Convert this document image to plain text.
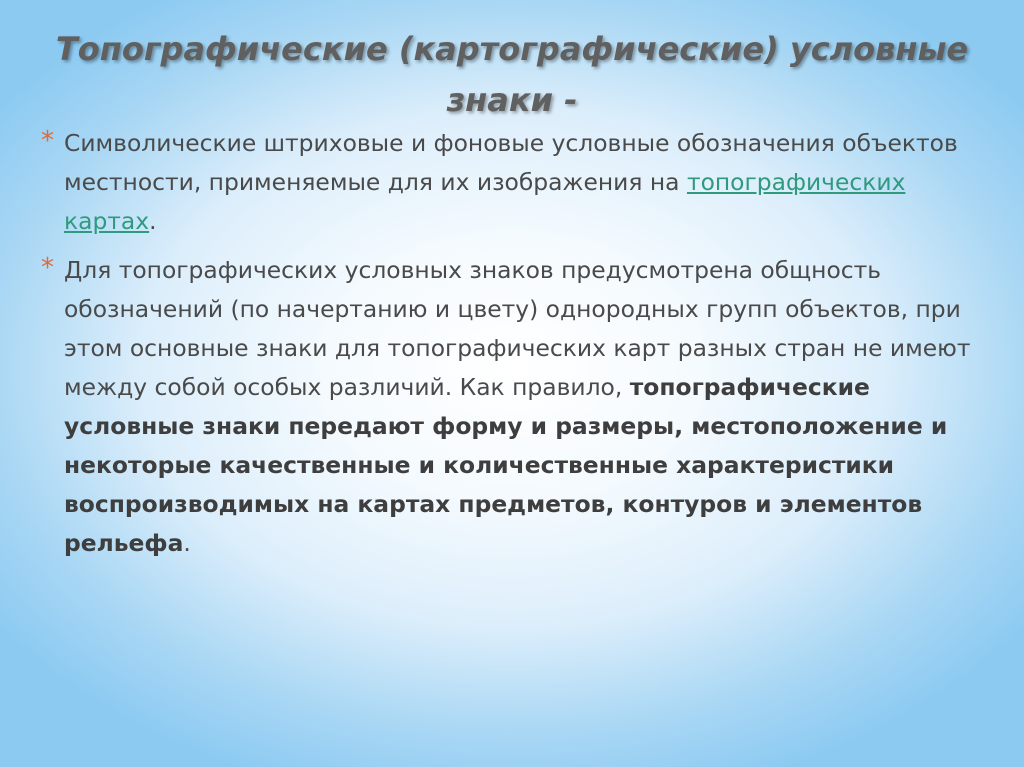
Топографические (картографические) условные знаки -

* Символические штриховые и фоновые условные обозначения объектов местности, применяемые для их изображения на топографических картах.

* Для топографических условных знаков предусмотрена общность обозначений (по начертанию и цвету) однородных групп объектов, при этом основные знаки для топографических карт разных стран не имеют между собой особых различий. Как правило, топографические условные знаки передают форму и размеры, местоположение и некоторые качественные и количественные характеристики воспроизводимых на картах предметов, контуров и элементов рельефа.
